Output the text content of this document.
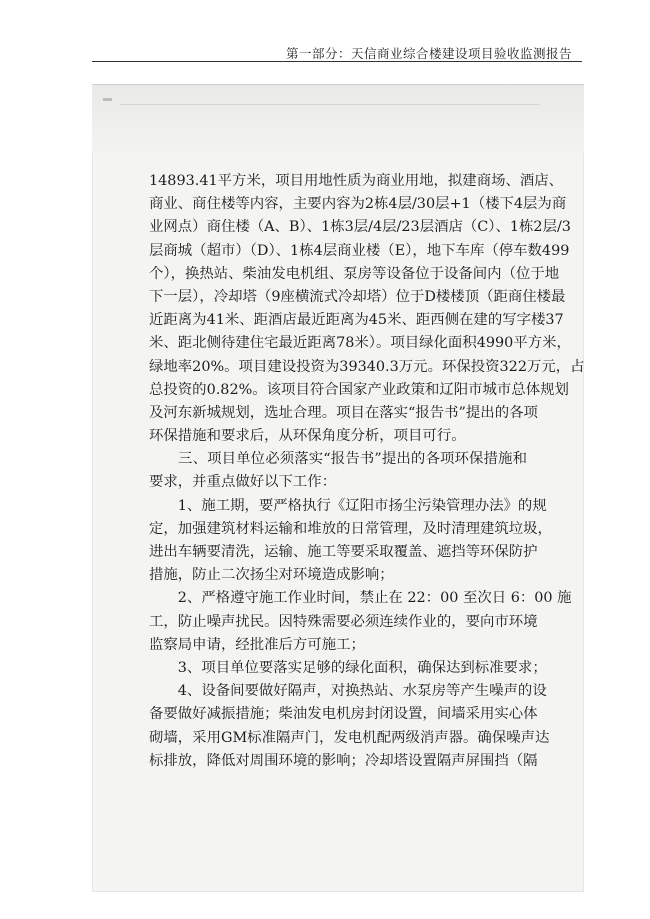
第一部分：天信商业综合楼建设项目验收监测报告
14893.41平方米，项目用地性质为商业用地，拟建商场、酒店、
商业、商住楼等内容，主要内容为2栋4层/30层+1（楼下4层为商
业网点）商住楼（A、B）、1栋3层/4层/23层酒店（C）、1栋2层/3
层商城（超市）（D）、1栋4层商业楼（E），地下车库（停车数499
个），换热站、柴油发电机组、泵房等设备位于设备间内（位于地
下一层），冷却塔（9座横流式冷却塔）位于D楼楼顶（距商住楼最
近距离为41米、距酒店最近距离为45米、距西侧在建的写字楼37
米、距北侧待建住宅最近距离78米）。项目绿化面积4990平方米，
绿地率20%。项目建设投资为39340.3万元。环保投资322万元，占
总投资的0.82%。该项目符合国家产业政策和辽阳市城市总体规划
及河东新城规划，选址合理。项目在落实“报告书”提出的各项
环保措施和要求后，从环保角度分析，项目可行。
　　三、项目单位必须落实“报告书”提出的各项环保措施和
要求，并重点做好以下工作：
　　1、施工期，要严格执行《辽阳市扬尘污染管理办法》的规
定，加强建筑材料运输和堆放的日常管理，及时清理建筑垃圾，
进出车辆要清洗，运输、施工等要采取覆盖、遮挡等环保防护
措施，防止二次扬尘对环境造成影响；
　　2、严格遵守施工作业时间，禁止在 22：00 至次日 6：00 施
工，防止噪声扰民。因特殊需要必须连续作业的，要向市环境
监察局申请，经批准后方可施工；
　　3、项目单位要落实足够的绿化面积，确保达到标准要求；
　　4、设备间要做好隔声，对换热站、水泵房等产生噪声的设
备要做好减振措施；柴油发电机房封闭设置，间墙采用实心体
砌墙，采用GM标准隔声门，发电机配两级消声器。确保噪声达
标排放，降低对周围环境的影响；冷却塔设置隔声屏围挡（隔
